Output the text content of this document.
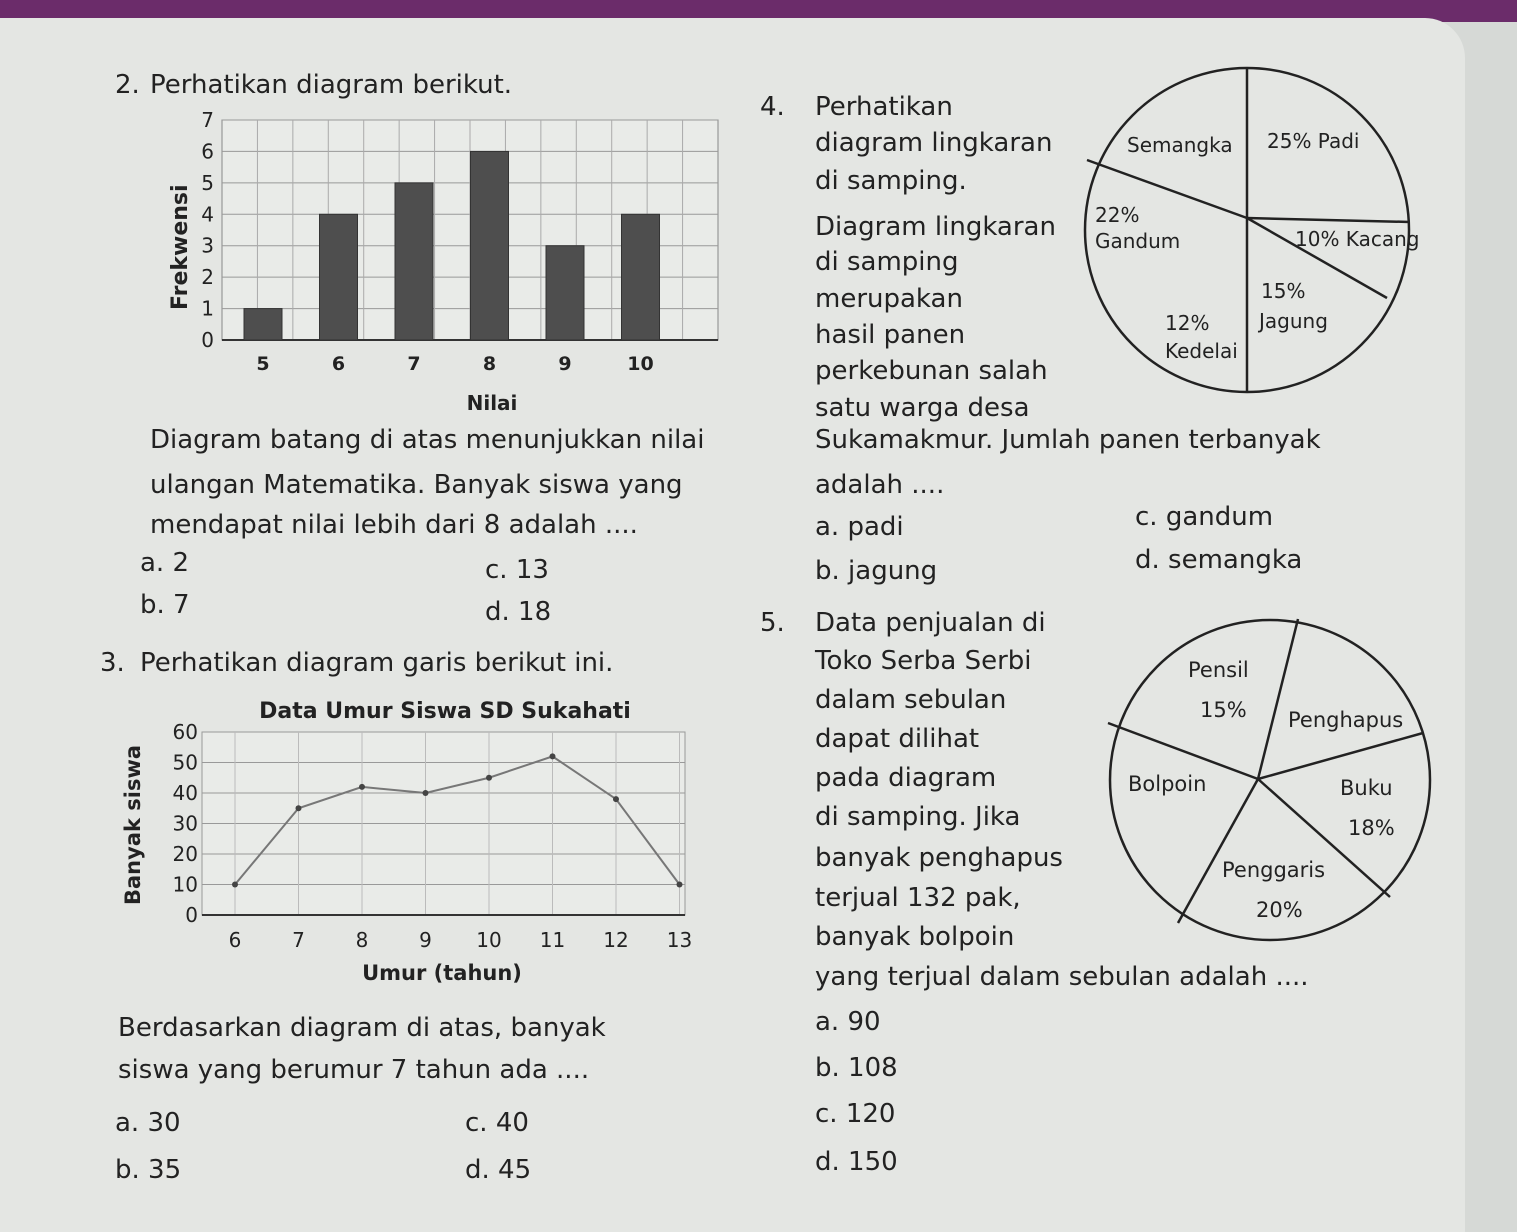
2. Perhatikan diagram berikut.
0
1
2
3
4
5
6
7
5	6	7	8	9	10
Nilai
Frekwensi
Diagram batang di atas menunjukkan nilai
ulangan Matematika. Banyak siswa yang
mendapat nilai lebih dari 8 adalah ....
a. 2	c. 13
b. 7	d. 18
3. Perhatikan diagram garis berikut ini.
Data Umur Siswa SD Sukahati
0
10
20
30
40
50
60
6	7	8	9 10 11 12 13
Umur (tahun)
Banyak siswa
Berdasarkan diagram di atas, banyak
siswa yang berumur 7 tahun ada ....
a. 30	c. 40
b. 35	d. 45
4. Perhatikan
diagram lingkaran
di samping.
Diagram lingkaran
di samping
merupakan
hasil panen
perkebunan salah
satu warga desa
Semangka 25% Padi
22%
Gandum	10% Kacang
15%
Jagung
12%
Kedelai
Sukamakmur. Jumlah panen terbanyak
adalah ....
a. padi	c. gandum
b. jagung	d. semangka
5. Data penjualan di
Toko Serba Serbi
dalam sebulan
dapat dilihat
pada diagram
di samping. Jika
banyak penghapus
terjual 132 pak,
banyak bolpoin
Pensil
15% Penghapus
Bolpoin	Buku
18%
Penggaris
20%
yang terjual dalam sebulan adalah ....
a. 90
b. 108
c. 120
d. 150
